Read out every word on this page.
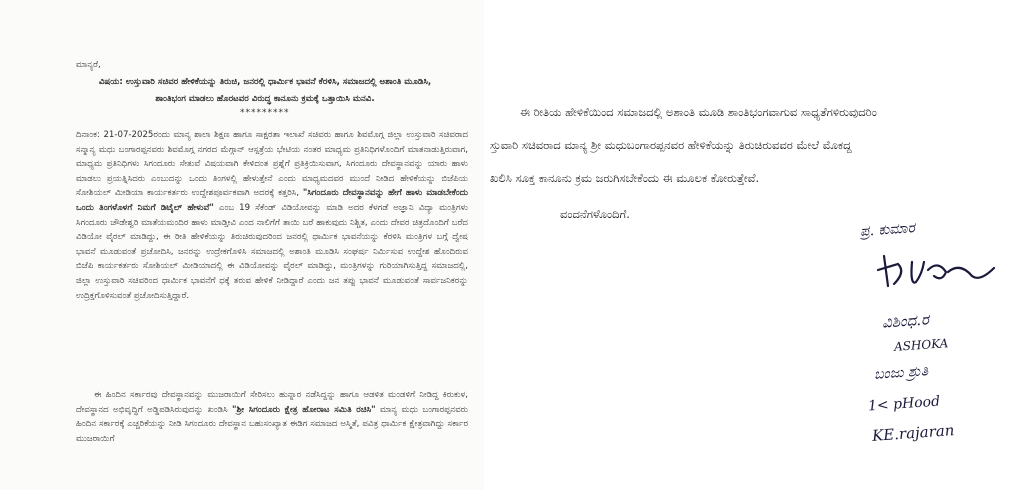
ಮಾನ್ಯರೆ,
ವಿಷಯ: ಉಸ್ತುವಾರಿ ಸಚಿವರ ಹೇಳಿಕೆಯನ್ನು ತಿರುಚಿ, ಜನರಲ್ಲಿ ಧಾರ್ಮಿಕ ಭಾವನೆ ಕೆರಳಿಸಿ, ಸಮಾಜದಲ್ಲಿ ಅಶಾಂತಿ ಮೂಡಿಸಿ, ಶಾಂತಿಭಂಗ ಮಾಡಲು ಹೊರಟವರ ವಿರುದ್ಧ ಕಾನೂನು ಕ್ರಮಕ್ಕೆ ಒತ್ತಾಯಿಸಿ ಮನವಿ.
*********
ದಿನಾಂಕ: 21-07-2025ರಂದು ಮಾನ್ಯ ಶಾಲಾ ಶಿಕ್ಷಣ ಹಾಗೂ ಸಾಕ್ಷರತಾ ಇಲಾಖೆ ಸಚಿವರು ಹಾಗೂ ಶಿವಮೊಗ್ಗ ಜಿಲ್ಲಾ ಉಸ್ತುವಾರಿ ಸಚಿವರಾದ ಸನ್ಮಾನ್ಯ ಮಧು ಬಂಗಾರಪ್ಪನವರು ಶಿವಮೊಗ್ಗ ನಗರದ ಮೆಗ್ಗಾನ್ ಆಸ್ಪತ್ರೆಯ ಭೇಟಿಯ ನಂತರ ಮಾಧ್ಯಮ ಪ್ರತಿನಿಧಿಗಳೊಂದಿಗೆ ಮಾತನಾಡುತ್ತಿರುವಾಗ, ಮಾಧ್ಯಮ ಪ್ರತಿನಿಧಿಗಳು ಸಿಗಂದೂರು ಸೇತುವೆ ವಿಷಯವಾಗಿ ಕೇಳಿದಂತ ಪ್ರಶ್ನೆಗೆ ಪ್ರತಿಕ್ರಿಯಿಸುವಾಗ, ಸಿಗಂದೂರು ದೇವಸ್ಥಾನವನ್ನು ಯಾರು ಹಾಳು ಮಾಡಲು ಪ್ರಯತ್ನಿಸಿದರು ಎಂಬುದನ್ನು ಒಂದು ತಿಂಗಳಲ್ಲಿ ಹೇಳುತ್ತೇನೆ ಎಂದು ಮಾಧ್ಯಮದವರ ಮುಂದೆ ನೀಡಿದ ಹೇಳಿಕೆಯನ್ನು ಬಿಜೆಪಿಯ ಸೋಶಿಯಲ್ ಮೀಡಿಯಾ ಕಾರ್ಯಕರ್ತರು ಉದ್ದೇಶಪೂರ್ವಕವಾಗಿ ಅದರಕ್ಕೆ ಕತ್ತರಿಸಿ, "ಸಿಗಂದೂರು ದೇವಸ್ಥಾನವನ್ನು ಹೇಗೆ ಹಾಳು ಮಾಡಬೇಕೆಂದು ಒಂದು ತಿಂಗಳೊಳಗೆ ನಿಮಗೆ ಡಿಟೈಲ್ ಹೇಳುವೆ" ಎಂಬ 19 ಸೆಕೆಂಡ್ ವಿಡಿಯೋವನ್ನು ಮಾಡಿ ಅದರ ಕೆಳಗಡೆ ಅಜ್ಞಾನಿ ವಿದ್ಯಾ ಮಂತ್ರಿಗಳು ಸಿಗಂದೂರು ಚೌಡೇಶ್ವರಿ ಮಾತೆಯಮಂದಿರ ಹಾಳು ಮಾಡ್ತೀವಿ ಎಂದ ನಾಲಿಗೆಗೆ ತಾಯಿ ಬರೆ ಹಾಕುವುದು ನಿಶ್ಚಿತ, ಎಂದು ದೇವರ ಚಿತ್ರದೊಂದಿಗೆ ಬರೆದ ವಿಡಿಯೋ ವೈರಲ್ ಮಾಡಿದ್ದು, ಈ ರೀತಿ ಹೇಳಿಕೆಯನ್ನು ತಿರುಚಿರುವುದರಿಂದ ಜನರಲ್ಲಿ ಧಾರ್ಮಿಕ ಭಾವನೆಯನ್ನು ಕೆರಳಿಸಿ ಮಂತ್ರಿಗಳ ಬಗ್ಗೆ ದ್ವೇಷ ಭಾವನೆ ಮೂಡುವಂತೆ ಪ್ರಚೋದಿಸಿ, ಜನರನ್ನು ಉದ್ರೇಕಗೊಳಿಸಿ ಸಮಾಜದಲ್ಲಿ ಅಶಾಂತಿ ಮೂಡಿಸಿ ಸಂಘರ್ಷ ನಿರ್ಮಿಸುವ ಉದ್ದೇಶ ಹೊಂದಿರುವ ಬಿಜೆಪಿ ಕಾರ್ಯಕರ್ತರು ಸೋಶಿಯಲ್ ಮೀಡಿಯಾದಲ್ಲಿ ಈ ವಿಡಿಯೋವನ್ನು ವೈರಲ್ ಮಾಡಿದ್ದು, ಮಂತ್ರಿಗಳನ್ನು ಗುರಿಯಾಗಿಸುತ್ತಿದ್ದ ಸಮಾಜದಲ್ಲಿ, ಜಿಲ್ಲಾ ಉಸ್ತುವಾರಿ ಸಚಿವರಿಂದ ಧಾರ್ಮಿಕ ಭಾವನೆಗೆ ಧಕ್ಕೆ ತರುವ ಹೇಳಿಕೆ ನೀಡಿದ್ದಾರೆ ಎಂದು ಜನ ತಪ್ಪು ಭಾವನೆ ಮೂಡುವಂತೆ ಸಾರ್ವಜನಿಕರನ್ನು ಉದ್ರಿಕ್ತಗೊಳಿಸುವಂತೆ ಪ್ರಚೋದಿಸುತ್ತಿದ್ದಾರೆ.
ಈ ಹಿಂದಿನ ಸರ್ಕಾರವು ದೇವಸ್ಥಾನವನ್ನು ಮುಜರಾಯಿಗೆ ಸೇರಿಸಲು ಹುನ್ನಾರ ನಡೆಸಿದ್ದನ್ನು ಹಾಗೂ ಆಡಳಿತ ಮಂಡಳಿಗೆ ನೀಡಿದ್ದ ಕಿರುಕುಳ, ದೇವಸ್ಥಾನದ ಅಭಿವೃದ್ಧಿಗೆ ಅಡ್ಡಿಪಡಿಸಿರುವುದನ್ನು ಖಂಡಿಸಿ "ಶ್ರೀ ಸಿಗಂದೂರು ಕ್ಷೇತ್ರ ಹೋರಾಟ ಸಮಿತಿ ರಚಿಸಿ" ಮಾನ್ಯ ಮಧು ಬಂಗಾರಪ್ಪನವರು ಹಿಂದಿನ ಸರ್ಕಾರಕ್ಕೆ ಎಚ್ಚರಿಕೆಯನ್ನು ನೀಡಿ ಸಿಗಂದೂರು ದೇವಸ್ಥಾನ ಬಹುಸಂಖ್ಯಾತ ಈಡಿಗ ಸಮಾಜದ ಅಸ್ಮಿತೆ, ಪವಿತ್ರ ಧಾರ್ಮಿಕ ಕ್ಷೇತ್ರವಾಗಿದ್ದು ಸರ್ಕಾರ ಮುಜರಾಯಿಗೆ
ಈ ರೀತಿಯ ಹೇಳಿಕೆಯಿಂದ ಸಮಾಜದಲ್ಲಿ ಅಶಾಂತಿ ಮೂಡಿ ಶಾಂತಿಭಂಗವಾಗುವ ಸಾಧ್ಯತೆಗಳಿರುವುದರಿಂ
ಸ್ತುವಾರಿ ಸಚಿವರಾದ ಮಾನ್ಯ ಶ್ರೀ ಮಧುಬಂಗಾರಪ್ಪನವರ ಹೇಳಿಕೆಯನ್ನು ತಿರುಚಿರುವವರ ಮೇಲೆ ಮೊಕದ್ದ
ಖಲಿಸಿ ಸೂಕ್ತ ಕಾನೂನು ಕ್ರಮ ಜರುಗಿಸಬೇಕೆಂದು ಈ ಮೂಲಕ ಕೋರುತ್ತೇವೆ.
ವಂದನೆಗಳೊಂದಿಗೆ.
ಪ್ರ. ಕುಮಾರ
ವಿಶಿಂಧ.ರ
ASHOKA
ಬಂಜು ಶ್ರುತಿ
1< pHood
KE.rajaran
